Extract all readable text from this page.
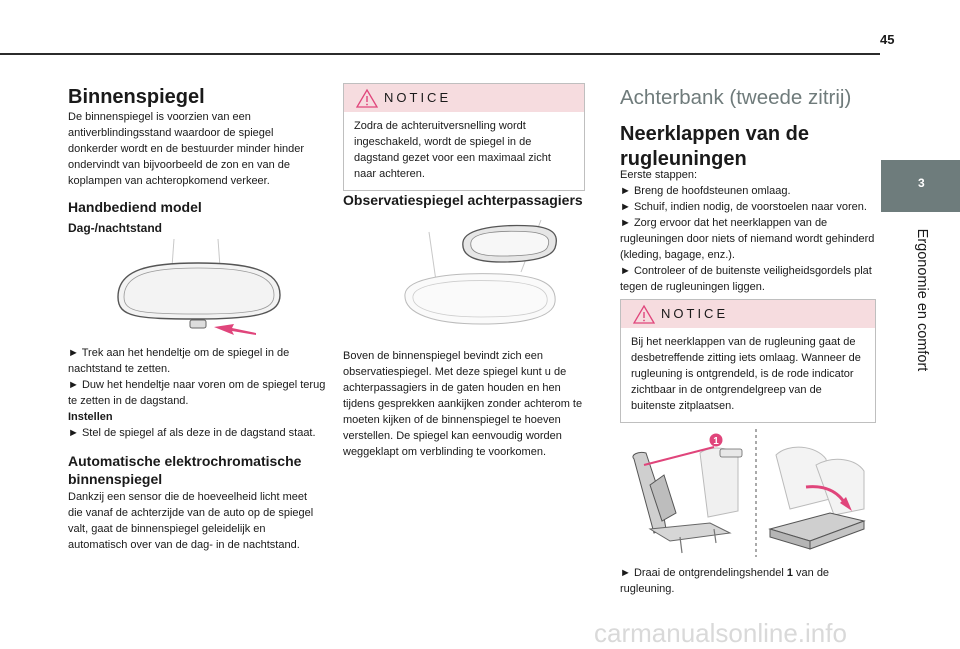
45
3
Ergonomie en comfort
Binnenspiegel

De binnenspiegel is voorzien van een antiverblindingsstand waardoor de spiegel donkerder wordt en de bestuurder minder hinder ondervindt van bijvoorbeeld de zon en van de koplampen van achteropkomend verkeer.

Handbediend model
Dag-/nachtstand

► Trek aan het hendeltje om de spiegel in de nachtstand te zetten.

► Duw het hendeltje naar voren om de spiegel terug te zetten in de dagstand.

Instellen

► Stel de spiegel af als deze in de dagstand staat.

Automatische elektrochromatische binnenspiegel

Dankzij een sensor die de hoeveelheid licht meet die vanaf de achterzijde van de auto op de spiegel valt, gaat de binnenspiegel geleidelijk en automatisch over van de dag- in de nachtstand.

NOTICE
Zodra de achteruitversnelling wordt ingeschakeld, wordt de spiegel in de dagstand gezet voor een maximaal zicht naar achteren.
Observatiespiegel achterpassagiers

Boven de binnenspiegel bevindt zich een observatiespiegel. Met deze spiegel kunt u de achterpassagiers in de gaten houden en hen tijdens gesprekken aankijken zonder achterom te moeten kijken of de binnenspiegel te hoeven verstellen. De spiegel kan eenvoudig worden weggeklapt om verblinding te voorkomen.

Achterbank (tweede zitrij)
Neerklappen van de rugleuningen

Eerste stappen:

► Breng de hoofdsteunen omlaag.

► Schuif, indien nodig, de voorstoelen naar voren.

► Zorg ervoor dat het neerklappen van de rugleuningen door niets of niemand wordt gehinderd (kleding, bagage, enz.).

► Controleer of de buitenste veiligheidsgordels plat tegen de rugleuningen liggen.

NOTICE
Bij het neerklappen van de rugleuning gaat de desbetreffende zitting iets omlaag. Wanneer de rugleuning is ontgrendeld, is de rode indicator zichtbaar in de ontgrendelgreep van de buitenste zitplaatsen.
1

► Draai de ontgrendelingshendel 1 van de rugleuning.

carmanualsonline.info
